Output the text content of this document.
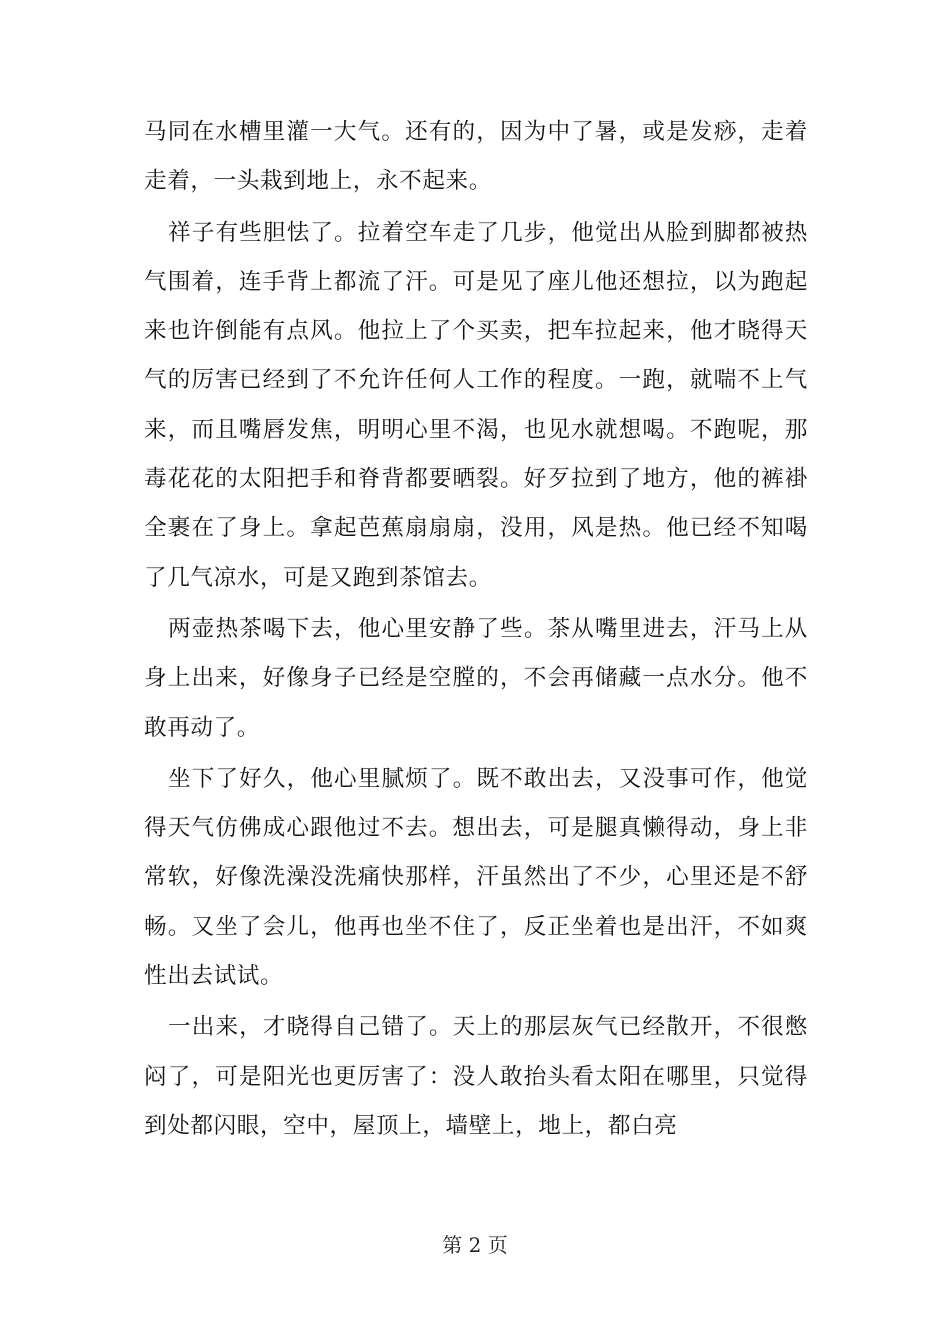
马同在水槽里灌一大气。还有的，因为中了暑，或是发痧，走着走着，一头栽到地上，永不起来。

祥子有些胆怯了。拉着空车走了几步，他觉出从脸到脚都被热气围着，连手背上都流了汗。可是见了座儿他还想拉，以为跑起来也许倒能有点风。他拉上了个买卖，把车拉起来，他才晓得天气的厉害已经到了不允许任何人工作的程度。一跑，就喘不上气来，而且嘴唇发焦，明明心里不渴，也见水就想喝。不跑呢，那毒花花的太阳把手和脊背都要晒裂。好歹拉到了地方，他的裤褂全裹在了身上。拿起芭蕉扇扇扇，没用，风是热。他已经不知喝了几气凉水，可是又跑到茶馆去。

两壶热茶喝下去，他心里安静了些。茶从嘴里进去，汗马上从身上出来，好像身子已经是空膛的，不会再储藏一点水分。他不敢再动了。

坐下了好久，他心里腻烦了。既不敢出去，又没事可作，他觉得天气仿佛成心跟他过不去。想出去，可是腿真懒得动，身上非常软，好像洗澡没洗痛快那样，汗虽然出了不少，心里还是不舒畅。又坐了会儿，他再也坐不住了，反正坐着也是出汗，不如爽性出去试试。

一出来，才晓得自己错了。天上的那层灰气已经散开，不很憋闷了，可是阳光也更厉害了：没人敢抬头看太阳在哪里，只觉得到处都闪眼，空中，屋顶上，墙壁上，地上，都白亮

第 2 页
